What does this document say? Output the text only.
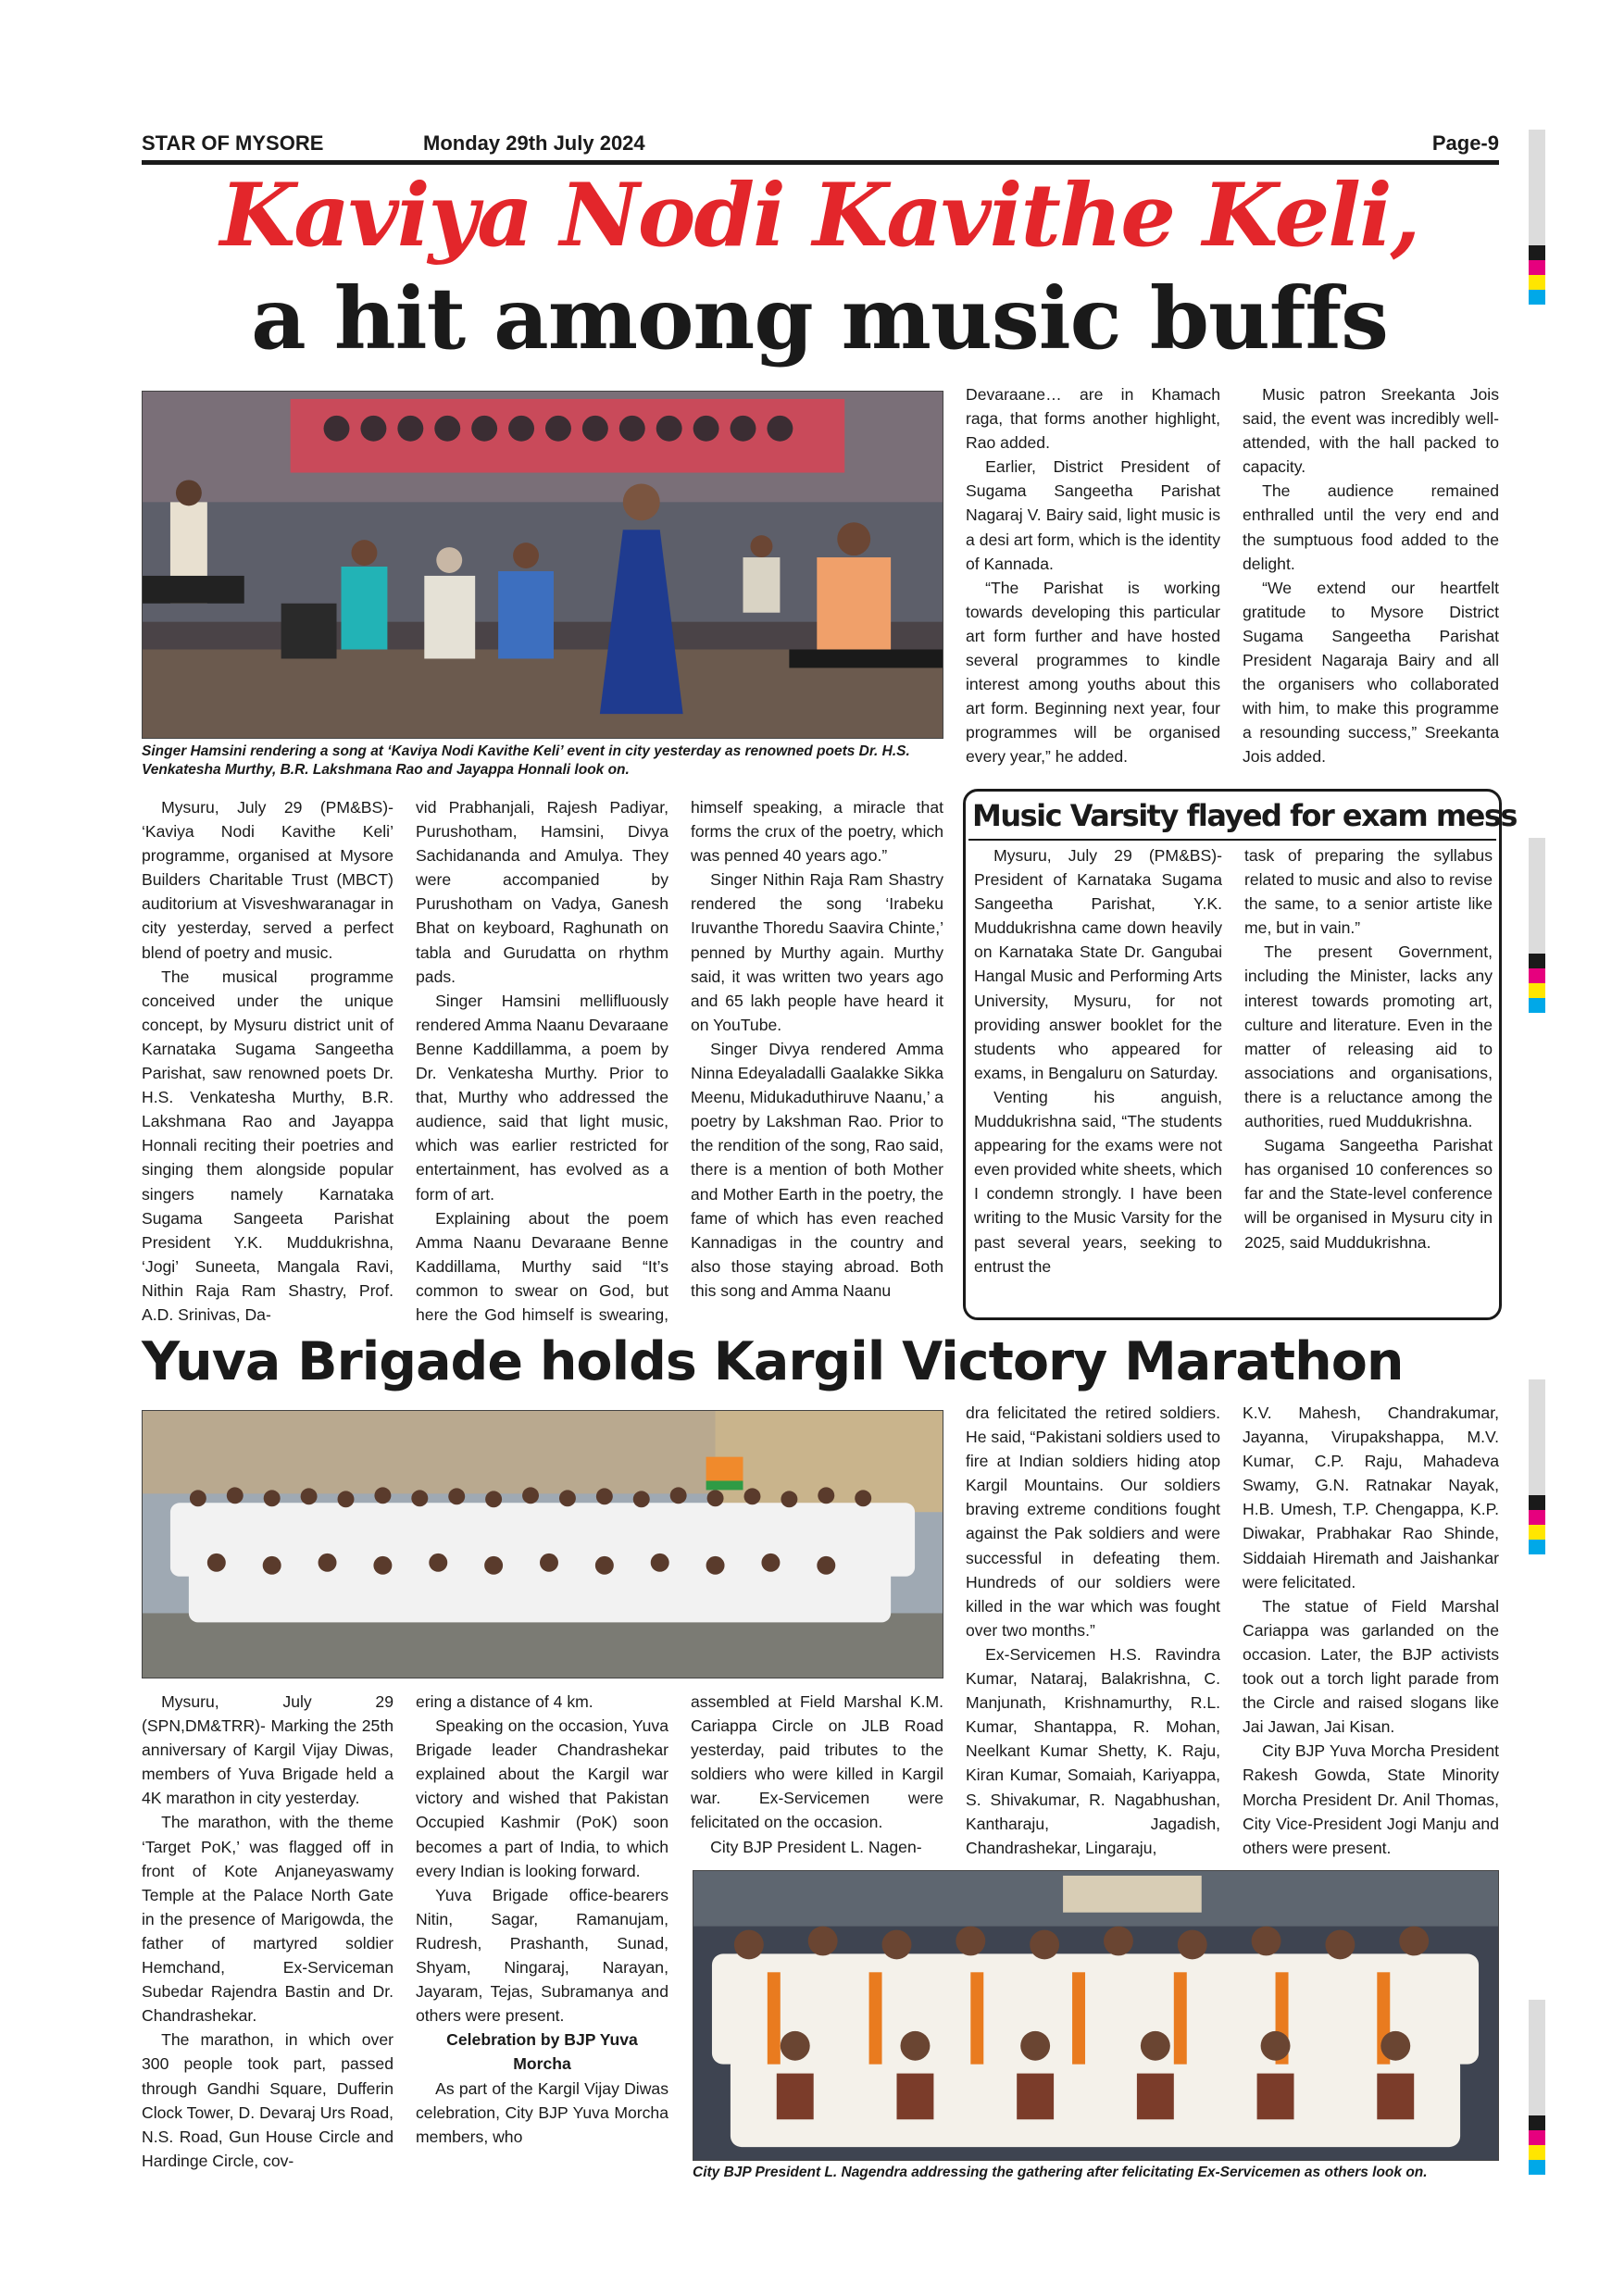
STAR OF MYSORE	Monday 29th July 2024	Page-9
Kaviya Nodi Kavithe Keli,
a hit among music buffs
Singer Hamsini rendering a song at ‘Kaviya Nodi Kavithe Keli’ event in city yesterday as renowned poets Dr. H.S. Venkatesha Murthy, B.R. Lakshmana Rao and Jayappa Honnali look on.

Mysuru, July 29 (PM&BS)- ‘Kaviya Nodi Kavithe Keli’ programme, organised at Mysore Builders Charitable Trust (MBCT) auditorium at Visveshwaranagar in city yesterday, served a perfect blend of poetry and music.

The musical programme conceived under the unique concept, by Mysuru district unit of Karnataka Sugama Sangeetha Parishat, saw renowned poets Dr. H.S. Venkatesha Murthy, B.R. Lakshmana Rao and Jayappa Honnali reciting their poetries and singing them alongside popular singers namely Karnataka Sugama Sangeeta Parishat President Y.K. Muddukrishna, ‘Jogi’ Suneeta, Mangala Ravi, Nithin Raja Ram Shastry, Prof. A.D. Srinivas, Da-

vid Prabhanjali, Rajesh Padiyar, Purushotham, Hamsini, Divya Sachidananda and Amulya. They were accompanied by Purushotham on Vadya, Ganesh Bhat on keyboard, Raghunath on tabla and Gurudatta on rhythm pads.

Singer Hamsini mellifluously rendered Amma Naanu Devaraane Benne Kaddillamma, a poem by Dr. Venkatesha Murthy. Prior to that, Murthy who addressed the audience, said that light music, which was earlier restricted for entertainment, has evolved as a form of art.

Explaining about the poem Amma Naanu Devaraane Benne Kaddillama, Murthy said “It’s common to swear on God, but here the God himself is swearing,

himself speaking, a miracle that forms the crux of the poetry, which was penned 40 years ago.”

Singer Nithin Raja Ram Shastry rendered the song ‘Irabeku Iruvanthe Thoredu Saavira Chinte,’ penned by Murthy again. Murthy said, it was written two years ago and 65 lakh people have heard it on YouTube.

Singer Divya rendered Amma Ninna Edeyaladalli Gaalakke Sikka Meenu, Midukaduthiruve Naanu,’ a poetry by Lakshman Rao. Prior to the rendition of the song, Rao said, there is a mention of both Mother and Mother Earth in the poetry, the fame of which has even reached Kannadigas in the country and also those staying abroad. Both this song and Amma Naanu

Devaraane… are in Khamach raga, that forms another highlight, Rao added.

Earlier, District President of Sugama Sangeetha Parishat Nagaraj V. Bairy said, light music is a desi art form, which is the identity of Kannada.

“The Parishat is working towards developing this particular art form further and have hosted several programmes to kindle interest among youths about this art form. Beginning next year, four programmes will be organised every year,” he added.

Music patron Sreekanta Jois said, the event was incredibly well-attended, with the hall packed to capacity.

The audience remained enthralled until the very end and the sumptuous food added to the delight.

“We extend our heartfelt gratitude to Mysore District Sugama Sangeetha Parishat President Nagaraja Bairy and all the organisers who collaborated with him, to make this programme a resounding success,” Sreekanta Jois added.

Music Varsity flayed for exam mess

Mysuru, July 29 (PM&BS)- President of Karnataka Sugama Sangeetha Parishat, Y.K. Muddukrishna came down heavily on Karnataka State Dr. Gangubai Hangal Music and Performing Arts University, Mysuru, for not providing answer booklet for the students who appeared for exams, in Bengaluru on Saturday.

Venting his anguish, Muddukrishna said, “The students appearing for the exams were not even provided white sheets, which I condemn strongly. I have been writing to the Music Varsity for the past several years, seeking to entrust the

task of preparing the syllabus related to music and also to revise the same, to a senior artiste like me, but in vain.”

The present Government, including the Minister, lacks any interest towards promoting art, culture and literature. Even in the matter of releasing aid to associations and organisations, there is a reluctance among the authorities, rued Muddukrishna.

Sugama Sangeetha Parishat has organised 10 conferences so far and the State-level conference will be organised in Mysuru city in 2025, said Muddukrishna.

Yuva Brigade holds Kargil Victory Marathon

Mysuru, July 29 (SPN,DM&TRR)- Marking the 25th anniversary of Kargil Vijay Diwas, members of Yuva Brigade held a 4K marathon in city yesterday.

The marathon, with the theme ‘Target PoK,’ was flagged off in front of Kote Anjaneyaswamy Temple at the Palace North Gate in the presence of Marigowda, the father of martyred soldier Hemchand, Ex-Serviceman Subedar Rajendra Bastin and Dr. Chandrashekar.

The marathon, in which over 300 people took part, passed through Gandhi Square, Dufferin Clock Tower, D. Devaraj Urs Road, N.S. Road, Gun House Circle and Hardinge Circle, cov-

ering a distance of 4 km.

Speaking on the occasion, Yuva Brigade leader Chandrashekar explained about the Kargil war victory and wished that Pakistan Occupied Kashmir (PoK) soon becomes a part of India, to which every Indian is looking forward.

Yuva Brigade office-bearers Nitin, Sagar, Ramanujam, Rudresh, Prashanth, Sunad, Shyam, Ningaraj, Narayan, Jayaram, Tejas, Subramanya and others were present.

Celebration by BJP Yuva Morcha

As part of the Kargil Vijay Diwas celebration, City BJP Yuva Morcha members, who

assembled at Field Marshal K.M. Cariappa Circle on JLB Road yesterday, paid tributes to the soldiers who were killed in Kargil war. Ex-Servicemen were felicitated on the occasion.

City BJP President L. Nagen-

dra felicitated the retired soldiers. He said, “Pakistani soldiers used to fire at Indian soldiers hiding atop Kargil Mountains. Our soldiers braving extreme conditions fought against the Pak soldiers and were successful in defeating them. Hundreds of our soldiers were killed in the war which was fought over two months.”

Ex-Servicemen H.S. Ravindra Kumar, Nataraj, Balakrishna, C. Manjunath, Krishnamurthy, R.L. Kumar, Shantappa, R. Mohan, Neelkant Kumar Shetty, K. Raju, Kiran Kumar, Somaiah, Kariyappa, S. Shivakumar, R. Nagabhushan, Kantharaju, Jagadish, Chandrashekar, Lingaraju,

K.V. Mahesh, Chandrakumar, Jayanna, Virupakshappa, M.V. Kumar, C.P. Raju, Mahadeva Swamy, G.N. Ratnakar Nayak, H.B. Umesh, T.P. Chengappa, K.P. Diwakar, Prabhakar Rao Shinde, Siddaiah Hiremath and Jaishankar were felicitated.

The statue of Field Marshal Cariappa was garlanded on the occasion. Later, the BJP activists took out a torch light parade from the Circle and raised slogans like Jai Jawan, Jai Kisan.

City BJP Yuva Morcha President Rakesh Gowda, State Minority Morcha President Dr. Anil Thomas, City Vice-President Jogi Manju and others were present.

City BJP President L. Nagendra addressing the gathering after felicitating Ex-Servicemen as others look on.
